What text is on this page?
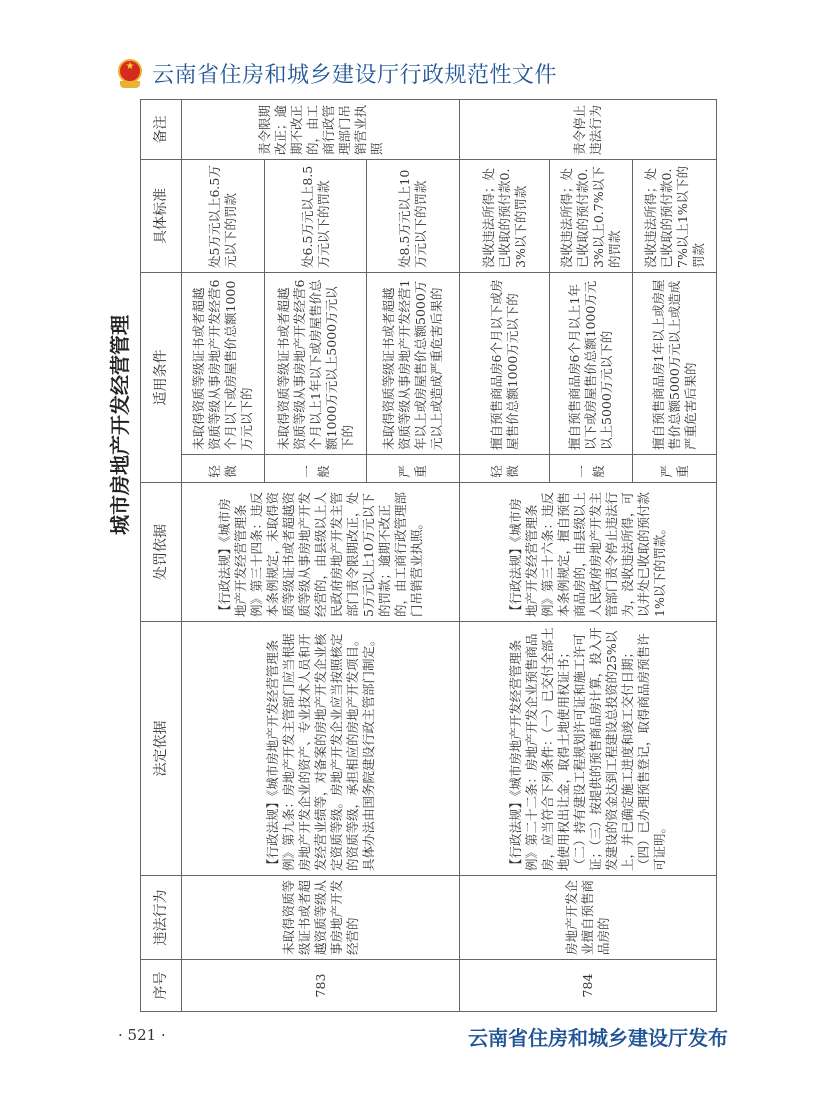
★ 云南省住房和城乡建设厅行政规范性文件
城市房地产开发经营管理
序号	违法行为	法定依据	处罚依据	适用条件		具体标准	备注
783	未取得资质等级证书或者超越资质等级从事房地产开发经营的	【行政法规】《城市房地产开发经营管理条例》第九条：房地产开发主管部门应当根据房地产开发企业的资产、专业技术人员和开发经营业绩等，对备案的房地产开发企业核定资质等级。房地产开发企业应当按照核定的资质等级，承担相应的房地产开发项目。具体办法由国务院建设行政主管部门制定。	【行政法规】《城市房地产开发经营管理条例》第三十四条：违反本条例规定，未取得资质等级证书或者超越资质等级从事房地产开发经营的，由县级以上人民政府房地产开发主管部门责令限期改正，处5万元以上10万元以下的罚款；逾期不改正的，由工商行政管理部门吊销营业执照。	轻微	未取得资质等级证书或者超越资质等级从事房地产开发经营6个月以下或房屋售价总额1000万元以下的	处5万元以上6.5万元以下的罚款	责令限期改正；逾期不改正的，由工商行政管理部门吊销营业执照
				一般	未取得资质等级证书或者超越资质等级从事房地产开发经营6个月以上1年以下或房屋售价总额1000万元以上5000万元以下的	处6.5万元以上8.5万元以下的罚款	
				严重	未取得资质等级证书或者超越资质等级从事房地产开发经营1年以上或房屋售价总额5000万元以上或造成严重危害后果的	处8.5万元以上10万元以下的罚款	
784	房地产开发企业擅自预售商品房的	【行政法规】《城市房地产开发经营管理条例》第二十二条：房地产开发企业预售商品房，应当符合下列条件：（一）已交付全部土地使用权出让金，取得土地使用权证书；（二）持有建设工程规划许可证和施工许可证；（三）按提供的预售商品房计算，投入开发建设的资金达到工程建设总投资的25%以上，并已确定施工进度和竣工交付日期；（四）已办理预售登记，取得商品房预售许可证明。	【行政法规】《城市房地产开发经营管理条例》第三十六条：违反本条例规定，擅自预售商品房的，由县级以上人民政府房地产开发主管部门责令停止违法行为，没收违法所得，可以并处已收取的预付款1%以下的罚款。	轻微	擅自预售商品房6个月以下或房屋售价总额1000万元以下的	没收违法所得；处已收取的预付款0.3%以下的罚款	责令停止违法行为
				一般	擅自预售商品房6个月以上1年以下或房屋售价总额1000万元以上5000万元以下的	没收违法所得；处已收取的预付款0.3%以上0.7%以下的罚款	
				严重	擅自预售商品房1年以上或房屋售价总额5000万元以上或造成严重危害后果的	没收违法所得；处已收取的预付款0.7%以上1%以下的罚款	
· 521 ·	云南省住房和城乡建设厅发布
